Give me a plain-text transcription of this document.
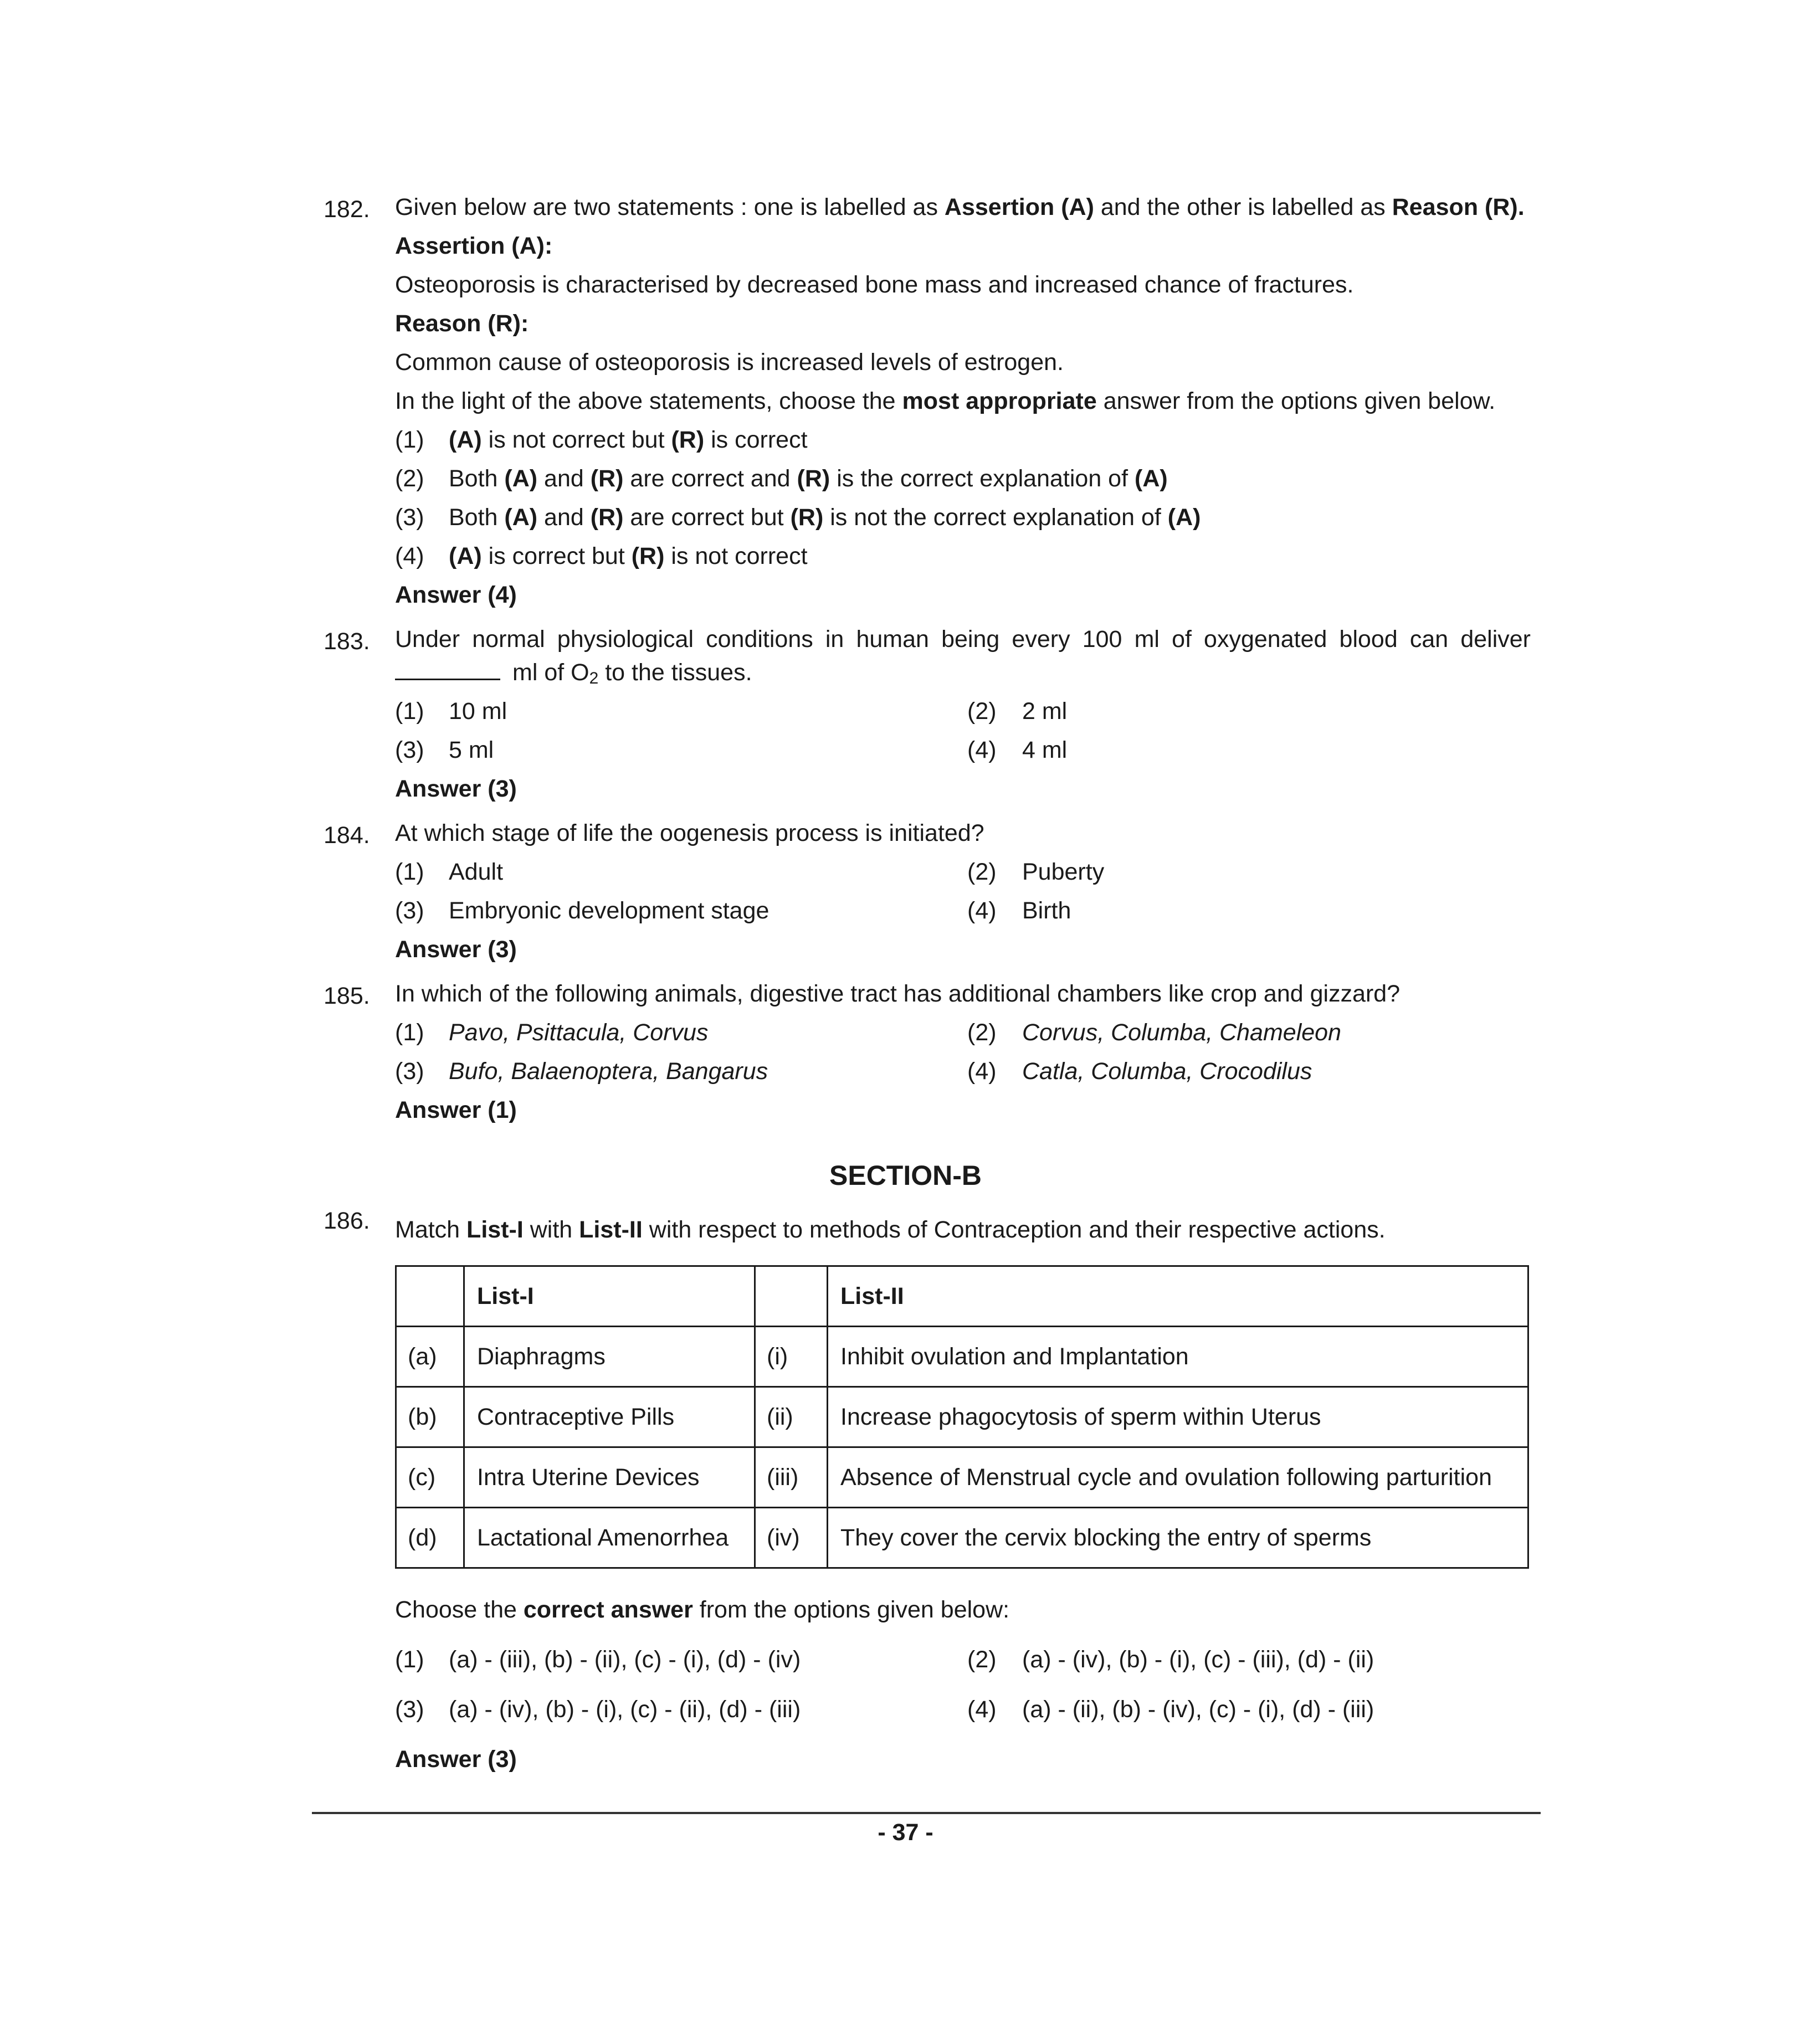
182. Given below are two statements : one is labelled as Assertion (A) and the other is labelled as Reason (R).
Assertion (A):
Osteoporosis is characterised by decreased bone mass and increased chance of fractures.
Reason (R):
Common cause of osteoporosis is increased levels of estrogen.
In the light of the above statements, choose the most appropriate answer from the options given below.
(1) (A) is not correct but (R) is correct
(2) Both (A) and (R) are correct and (R) is the correct explanation of (A)
(3) Both (A) and (R) are correct but (R) is not the correct explanation of (A)
(4) (A) is correct but (R) is not correct
Answer (4)
183. Under normal physiological conditions in human being every 100 ml of oxygenated blood can deliver
ml of $O_2$ to the tissues.
(1) 10 ml	(2) 2 ml
(3) 5 ml	(4) 4 ml
Answer (3)
184. At which stage of life the oogenesis process is initiated?
(1) Adult	(2) Puberty
(3) Embryonic development stage	(4) Birth
Answer (3)
185. In which of the following animals, digestive tract has additional chambers like crop and gizzard?
(1) Pavo, Psittacula, Corvus	(2) Corvus, Columba, Chameleon
(3) Bufo, Balaenoptera, Bangarus	(4) Catla, Columba, Crocodilus
Answer (1)
SECTION-B
186. Match List-I with List-II with respect to methods of Contraception and their respective actions.
	List-I		List-II
(a)	Diaphragms	(i)	Inhibit ovulation and Implantation
(b)	Contraceptive Pills	(ii)	Increase phagocytosis of sperm within Uterus
(c)	Intra Uterine Devices	(iii)	Absence of Menstrual cycle and ovulation following parturition
(d)	Lactational Amenorrhea	(iv)	They cover the cervix blocking the entry of sperms
Choose the correct answer from the options given below:
(1) (a) - (iii), (b) - (ii), (c) - (i), (d) - (iv)	(2) (a) - (iv), (b) - (i), (c) - (iii), (d) - (ii)
(3) (a) - (iv), (b) - (i), (c) - (ii), (d) - (iii)	(4) (a) - (ii), (b) - (iv), (c) - (i), (d) - (iii)
Answer (3)
- 37 -
